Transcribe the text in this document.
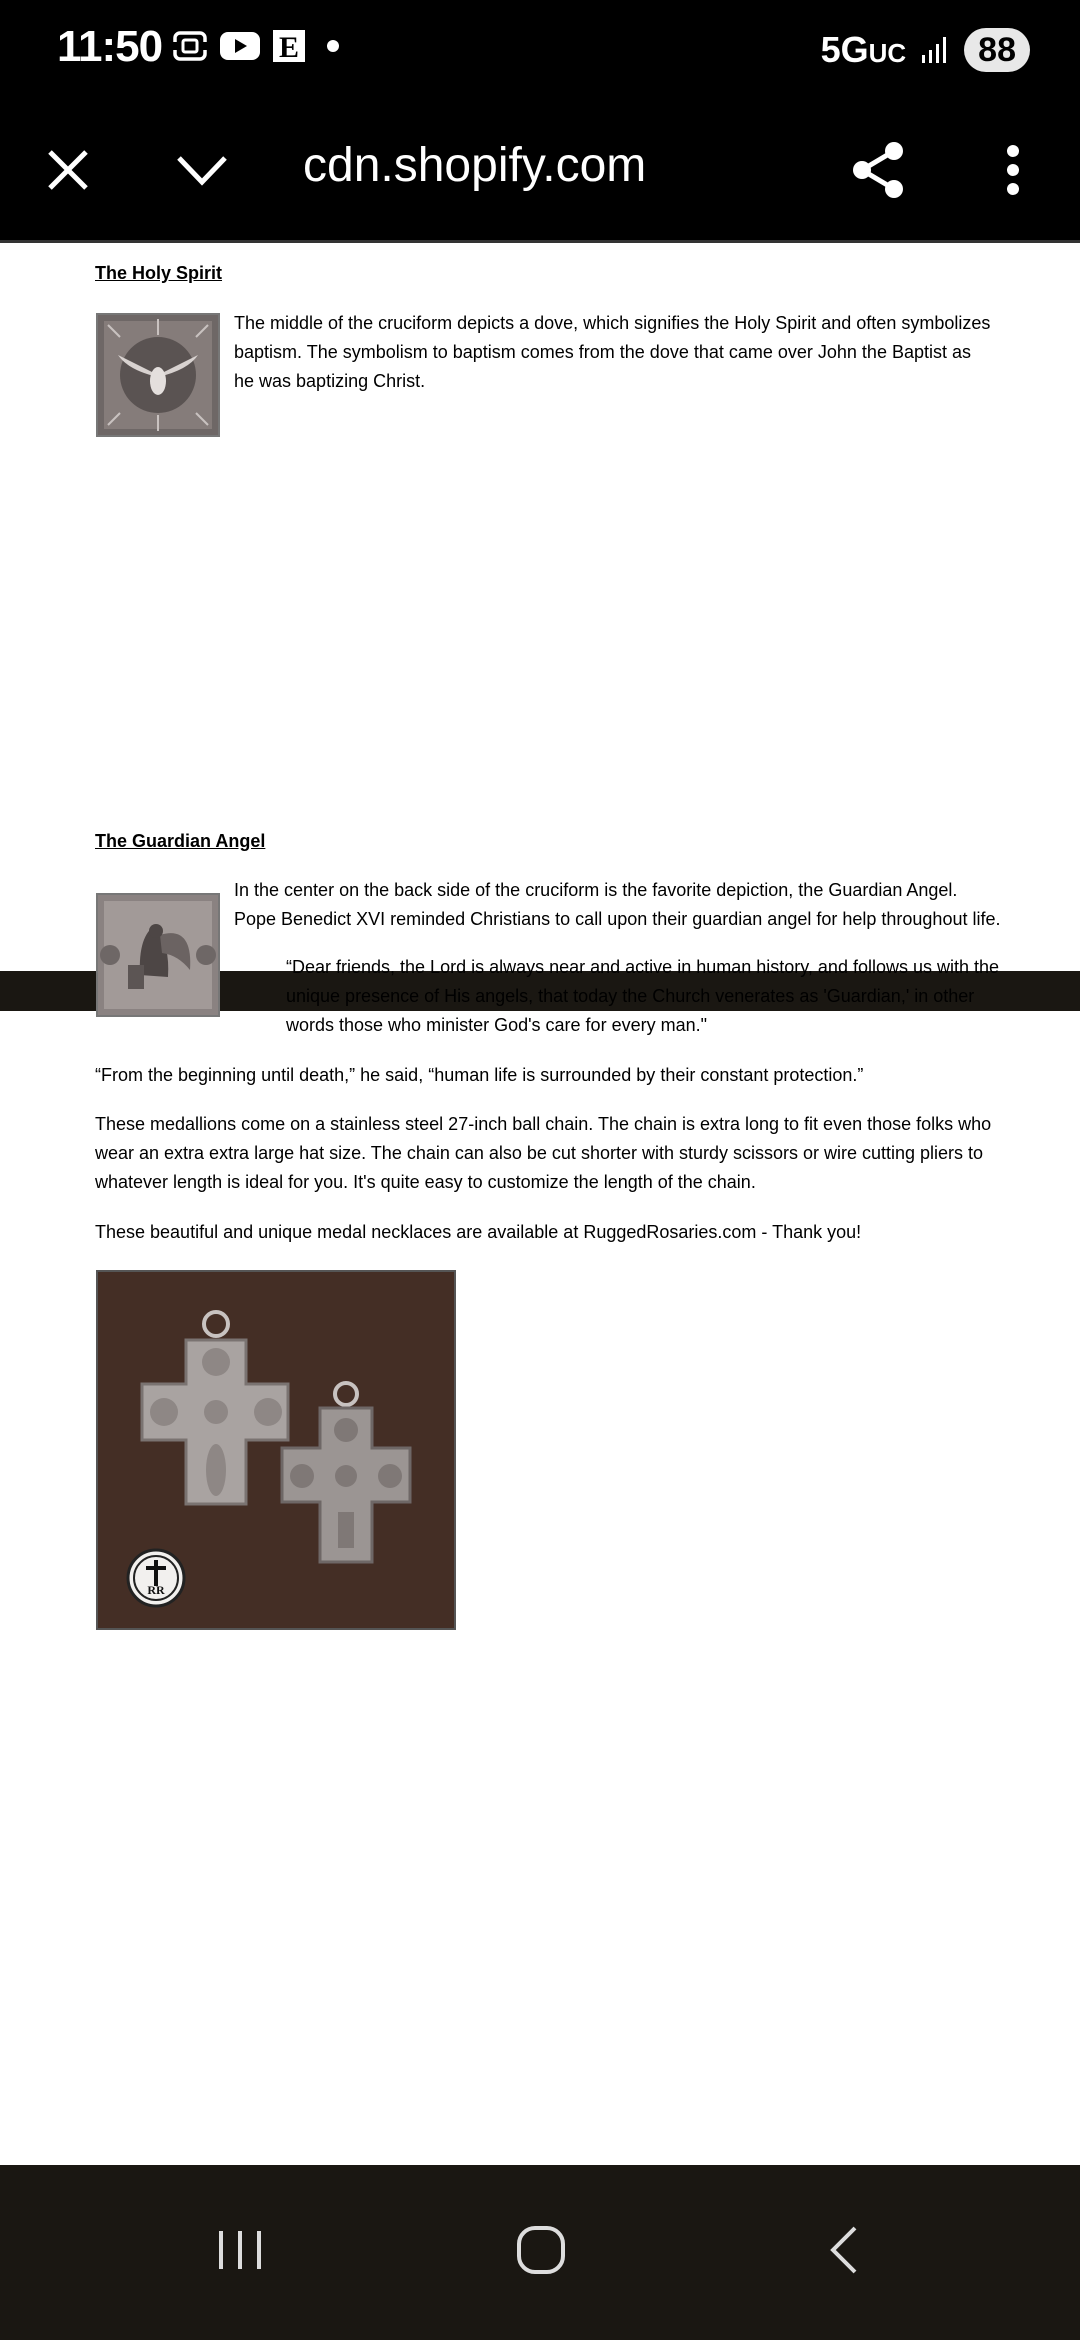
11:50	E	5GUC	88
cdn.shopify.com
The Holy Spirit
The middle of the cruciform depicts a dove, which signifies the Holy Spirit and often symbolizes baptism. The symbolism to baptism comes from the dove that came over John the Baptist as he was baptizing Christ.
The Guardian Angel
In the center on the back side of the cruciform is the favorite depiction, the Guardian Angel.
Pope Benedict XVI reminded Christians to call upon their guardian angel for help throughout life.
“Dear friends, the Lord is always near and active in human history, and follows us with the unique presence of His angels, that today the Church venerates as 'Guardian,' in other words those who minister God's care for every man."
“From the beginning until death,” he said, “human life is surrounded by their constant protection.”
These medallions come on a stainless steel 27-inch ball chain. The chain is extra long to fit even those folks who wear an extra extra large hat size. The chain can also be cut shorter with sturdy scissors or wire cutting pliers to whatever length is ideal for you. It's quite easy to customize the length of the chain.
These beautiful and unique medal necklaces are available at RuggedRosaries.com - Thank you!
RR
